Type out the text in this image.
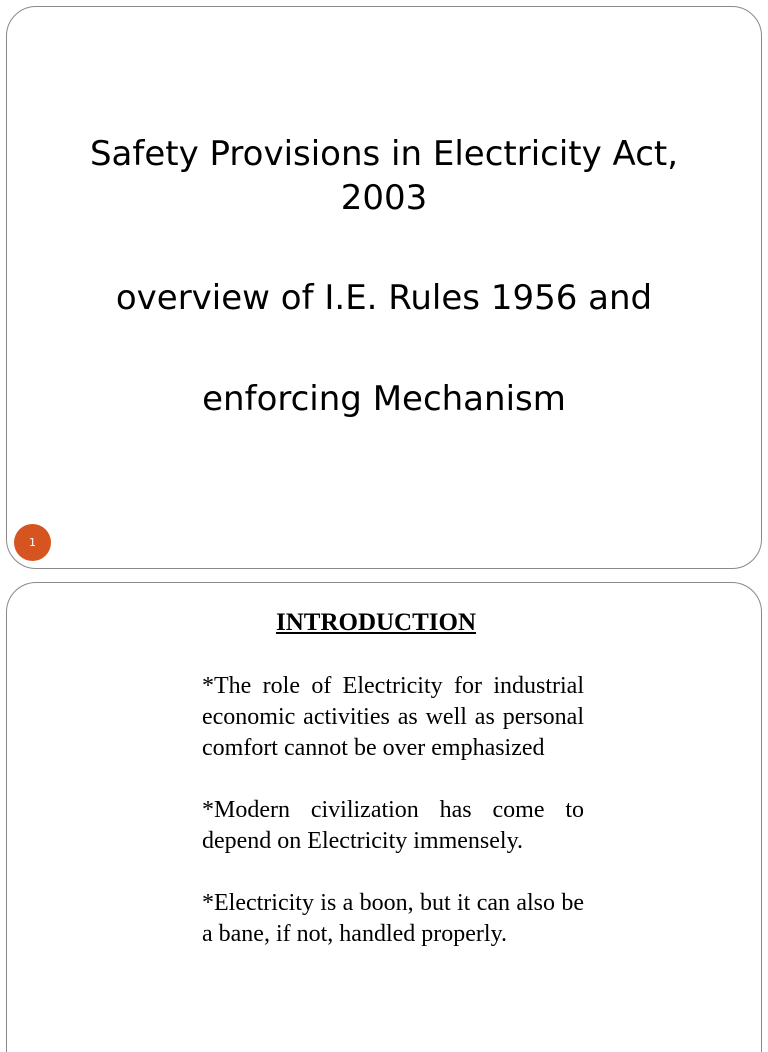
Safety Provisions in Electricity Act,
2003
overview of I.E. Rules 1956 and
enforcing Mechanism
1
INTRODUCTION

*The role of Electricity for industrial economic activities as well as personal comfort cannot be over emphasized

*Modern civilization has come to depend on Electricity immensely.

*Electricity is a boon, but it can also be a bane, if not, handled properly.
